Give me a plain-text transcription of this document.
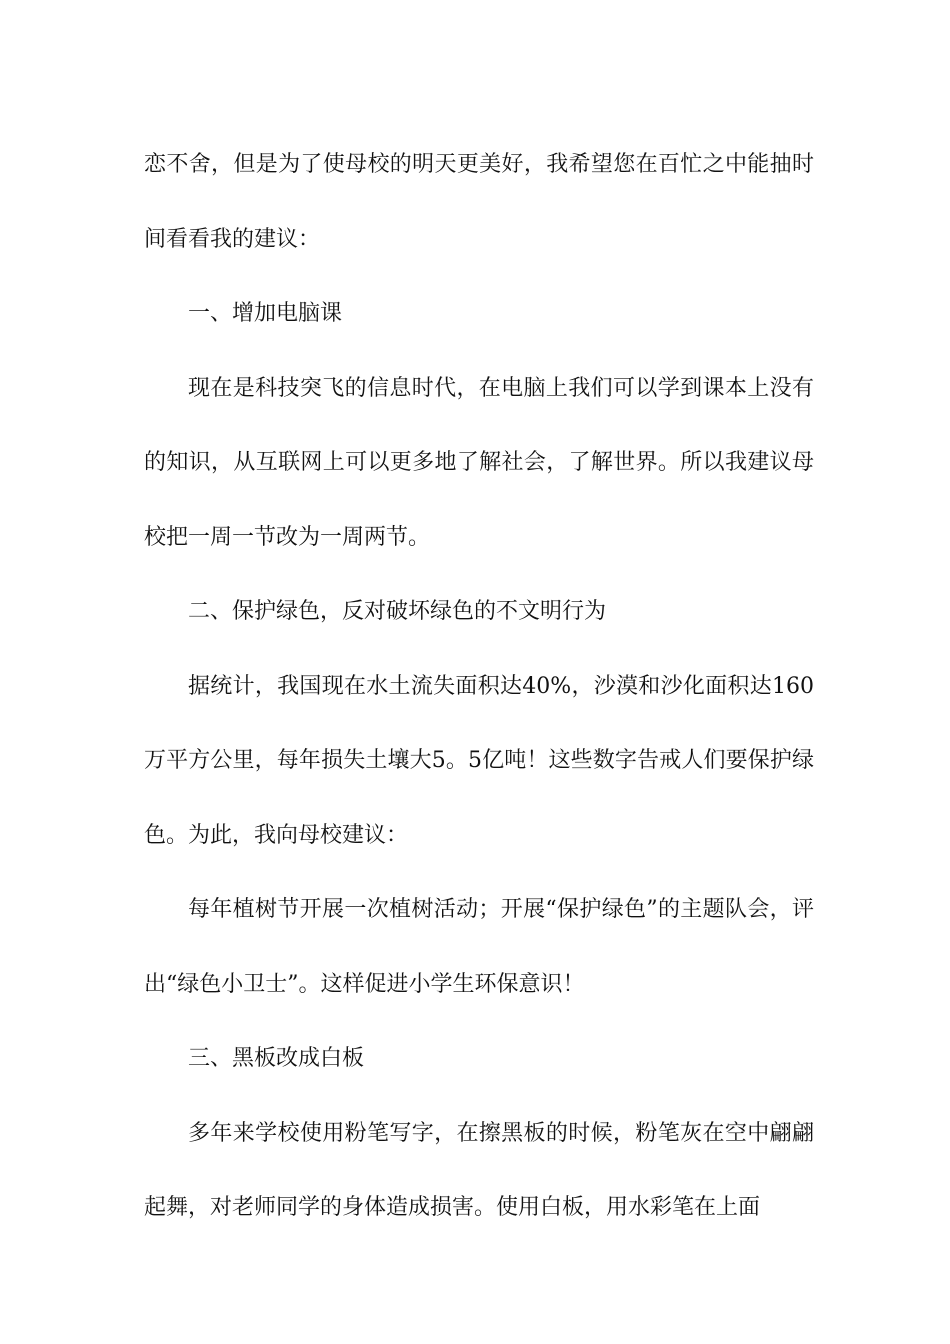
恋不舍，但是为了使母校的明天更美好，我希望您在百忙之中能抽时间看看我的建议：

一、增加电脑课

现在是科技突飞的信息时代，在电脑上我们可以学到课本上没有的知识，从互联网上可以更多地了解社会，了解世界。所以我建议母校把一周一节改为一周两节。

二、保护绿色，反对破坏绿色的不文明行为

据统计，我国现在水土流失面积达40%，沙漠和沙化面积达160万平方公里，每年损失土壤大5。5亿吨！这些数字告戒人们要保护绿色。为此，我向母校建议：

每年植树节开展一次植树活动；开展“保护绿色”的主题队会，评出“绿色小卫士”。这样促进小学生环保意识！

三、黑板改成白板

多年来学校使用粉笔写字，在擦黑板的时候，粉笔灰在空中翩翩起舞，对老师同学的身体造成损害。使用白板，用水彩笔在上面
